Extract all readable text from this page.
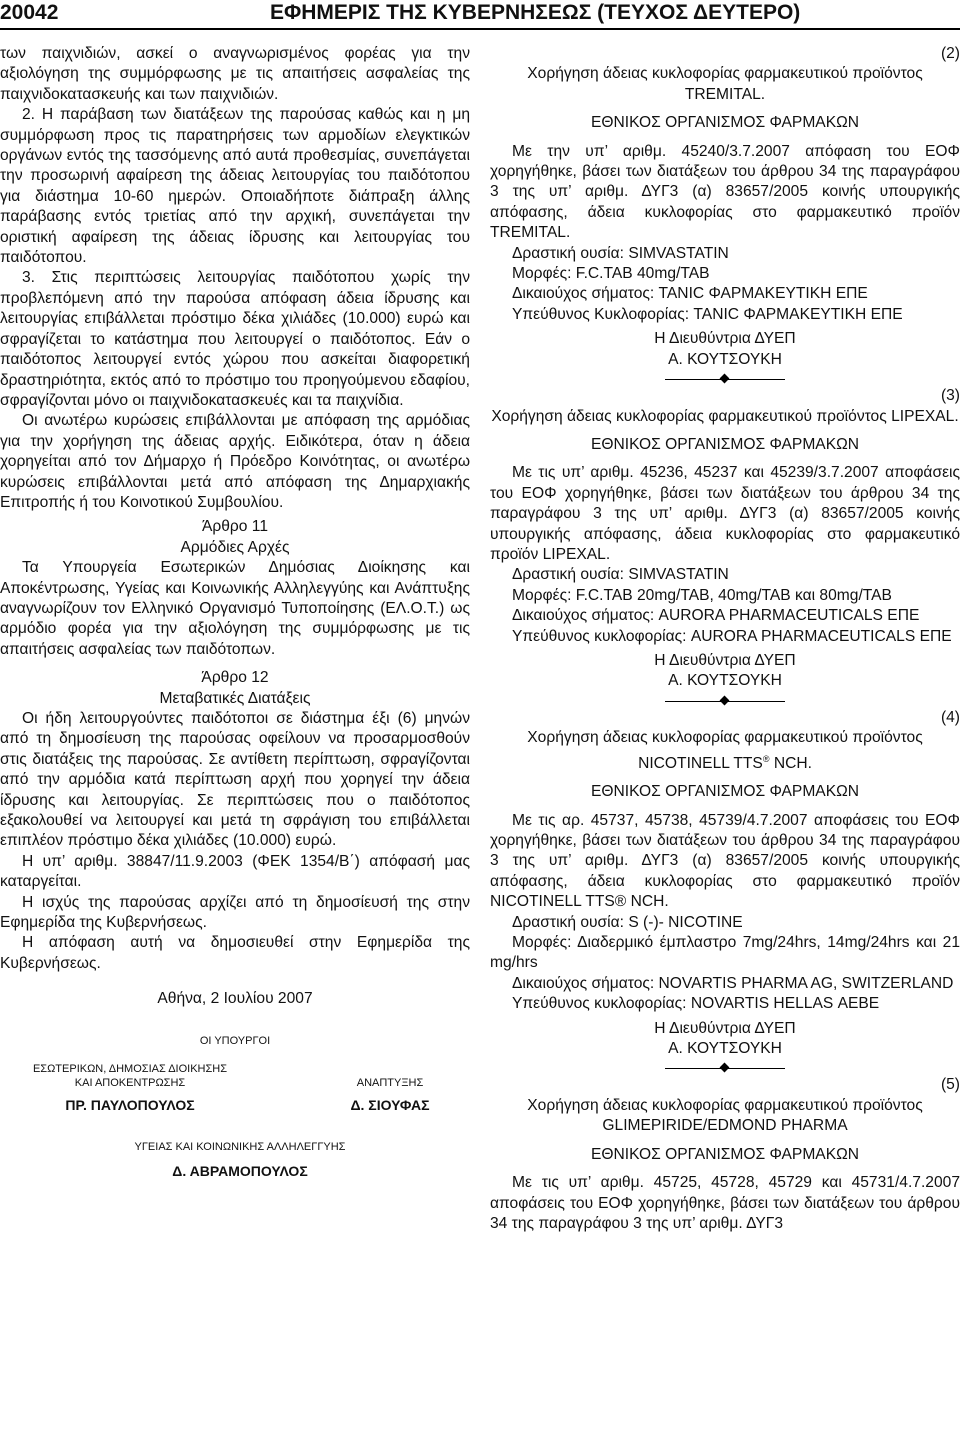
20042	ΕΦΗΜΕΡΙΣ ΤΗΣ ΚΥΒΕΡΝΗΣΕΩΣ (ΤΕΥΧΟΣ ΔΕΥΤΕΡΟ)

των παιχνιδιών, ασκεί ο αναγνωρισμένος φορέας για την αξιολόγηση της συμμόρφωσης με τις απαιτήσεις ασφαλείας της παιχνιδοκατασκευής και των παιχνιδιών.

2. Η παράβαση των διατάξεων της παρούσας καθώς και η μη συμμόρφωση προς τις παρατηρήσεις των αρμοδίων ελεγκτικών οργάνων εντός της τασσόμενης από αυτά προθεσμίας, συνεπάγεται την προσωρινή αφαίρεση της άδειας λειτουργίας του παιδότοπου για διάστημα 10-60 ημερών. Οποιαδήποτε διάπραξη άλλης παράβασης εντός τριετίας από την αρχική, συνεπάγεται την οριστική αφαίρεση της άδειας ίδρυσης και λειτουργίας του παιδότοπου.

3. Στις περιπτώσεις λειτουργίας παιδότοπου χωρίς την προβλεπόμενη από την παρούσα απόφαση άδεια ίδρυσης και λειτουργίας επιβάλλεται πρόστιμο δέκα χιλιάδες (10.000) ευρώ και σφραγίζεται το κατάστημα που λειτουργεί ο παιδότοπος. Εάν ο παιδότοπος λειτουργεί εντός χώρου που ασκείται διαφορετική δραστηριότητα, εκτός από το πρόστιμο του προηγούμενου εδαφίου, σφραγίζονται μόνο οι παιχνιδοκατασκευές και τα παιχνίδια.

Οι ανωτέρω κυρώσεις επιβάλλονται με απόφαση της αρμόδιας για την χορήγηση της άδειας αρχής. Ειδικότερα, όταν η άδεια χορηγείται από τον Δήμαρχο ή Πρόεδρο Κοινότητας, οι ανωτέρω κυρώσεις επιβάλλονται μετά από απόφαση της Δημαρχιακής Επιτροπής ή του Κοινοτικού Συμβουλίου.

Άρθρο 11

Αρμόδιες Αρχές

Τα Υπουργεία Εσωτερικών Δημόσιας Διοίκησης και Αποκέντρωσης, Υγείας και Κοινωνικής Αλληλεγγύης και Ανάπτυξης αναγνωρίζουν τον Ελληνικό Οργανισμό Τυποποίησης (ΕΛ.Ο.Τ.) ως αρμόδιο φορέα για την αξιολόγηση της συμμόρφωσης με τις απαιτήσεις ασφαλείας των παιδότοπων.

Άρθρο 12

Μεταβατικές Διατάξεις

Οι ήδη λειτουργούντες παιδότοποι σε διάστημα έξι (6) μηνών από τη δημοσίευση της παρούσας οφείλουν να προσαρμοσθούν στις διατάξεις της παρούσας. Σε αντίθετη περίπτωση, σφραγίζονται από την αρμόδια κατά περίπτωση αρχή που χορηγεί την άδεια ίδρυσης και λειτουργίας. Σε περιπτώσεις που ο παιδότοπος εξακολουθεί να λειτουργεί και μετά τη σφράγιση του επιβάλλεται επιπλέον πρόστιμο δέκα χιλιάδες (10.000) ευρώ.

Η υπ’ αριθμ. 38847/11.9.2003 (ΦΕΚ 1354/Β΄) απόφασή μας καταργείται.

Η ισχύς της παρούσας αρχίζει από τη δημοσίευσή της στην Εφημερίδα της Κυβερνήσεως.

Η απόφαση αυτή να δημοσιευθεί στην Εφημερίδα της Κυβερνήσεως.

Αθήνα, 2 Ιουλίου 2007
ΟΙ ΥΠΟΥΡΓΟΙ
ΕΣΩΤΕΡΙΚΩΝ, ΔΗΜΟΣΙΑΣ ΔΙΟΙΚΗΣΗΣ
ΚΑΙ ΑΠΟΚΕΝΤΡΩΣΗΣ	ΑΝΑΠΤΥΞΗΣ
ΠΡ. ΠΑΥΛΟΠΟΥΛΟΣ	Δ. ΣΙΟΥΦΑΣ
ΥΓΕΙΑΣ ΚΑΙ ΚΟΙΝΩΝΙΚΗΣ ΑΛΛΗΛΕΓΓΥΗΣ
Δ. ΑΒΡΑΜΟΠΟΥΛΟΣ

(2)

Χορήγηση άδειας κυκλοφορίας φαρμακευτικού προϊόντος TREMITAL.

ΕΘΝΙΚΟΣ ΟΡΓΑΝΙΣΜΟΣ ΦΑΡΜΑΚΩΝ

Με την υπ’ αριθμ. 45240/3.7.2007 απόφαση του ΕΟΦ χορηγήθηκε, βάσει των διατάξεων του άρθρου 34 της παραγράφου 3 της υπ’ αριθμ. ΔΥΓ3 (α) 83657/2005 κοινής υπουργικής απόφασης, άδεια κυκλοφορίας στο φαρμακευτικό προϊόν TREMITAL.

Δραστική ουσία: SIMVASTATIN

Μορφές: F.C.TAB 40mg/TAB

Δικαιούχος σήματος: TANIC ΦΑΡΜΑΚΕΥΤΙΚΗ ΕΠΕ

Υπεύθυνος Κυκλοφορίας: TANIC ΦΑΡΜΑΚΕΥΤΙΚΗ ΕΠΕ

Η Διευθύντρια ΔΥΕΠ

Α. ΚΟΥΤΣΟΥΚΗ

(3)

Χορήγηση άδειας κυκλοφορίας φαρμακευτικού προϊόντος LIPEXAL.

ΕΘΝΙΚΟΣ ΟΡΓΑΝΙΣΜΟΣ ΦΑΡΜΑΚΩΝ

Με τις υπ’ αριθμ. 45236, 45237 και 45239/3.7.2007 αποφάσεις του ΕΟΦ χορηγήθηκε, βάσει των διατάξεων του άρθρου 34 της παραγράφου 3 της υπ’ αριθμ. ΔΥΓ3 (α) 83657/2005 κοινής υπουργικής απόφασης, άδεια κυκλοφορίας στο φαρμακευτικό προϊόν LIPEXAL.

Δραστική ουσία: SIMVASTATIN

Μορφές: F.C.TAB 20mg/TAB, 40mg/TAB και 80mg/TAB

Δικαιούχος σήματος: AURORA PHARMACEUTICALS ΕΠΕ

Υπεύθυνος κυκλοφορίας: AURORA PHARMACEUTICALS ΕΠΕ

Η Διευθύντρια ΔΥΕΠ

Α. ΚΟΥΤΣΟΥΚΗ

(4)

Χορήγηση άδειας κυκλοφορίας φαρμακευτικού προϊόντος NICOTINELL TTS® NCH.

ΕΘΝΙΚΟΣ ΟΡΓΑΝΙΣΜΟΣ ΦΑΡΜΑΚΩΝ

Με τις αρ. 45737, 45738, 45739/4.7.2007 αποφάσεις του ΕΟΦ χορηγήθηκε, βάσει των διατάξεων του άρθρου 34 της παραγράφου 3 της υπ’ αριθμ. ΔΥΓ3 (α) 83657/2005 κοινής υπουργικής απόφασης, άδεια κυκλοφορίας στο φαρμακευτικό προϊόν NICOTINELL TTS® NCH.

Δραστική ουσία: S (-)- NICOTINE

Μορφές: Διαδερμικό έμπλαστρο 7mg/24hrs, 14mg/24hrs και 21 mg/hrs

Δικαιούχος σήματος: NOVARTIS PHARMA AG, SWITZERLAND

Υπεύθυνος κυκλοφορίας: NOVARTIS HELLAS ΑΕΒΕ

Η Διευθύντρια ΔΥΕΠ

Α. ΚΟΥΤΣΟΥΚΗ

(5)

Χορήγηση άδειας κυκλοφορίας φαρμακευτικού προϊόντος GLIMEPIRIDE/EDMOND PHARMA

ΕΘΝΙΚΟΣ ΟΡΓΑΝΙΣΜΟΣ ΦΑΡΜΑΚΩΝ

Με τις υπ’ αριθμ. 45725, 45728, 45729 και 45731/4.7.2007 αποφάσεις του ΕΟΦ χορηγήθηκε, βάσει των διατάξεων του άρθρου 34 της παραγράφου 3 της υπ’ αριθμ. ΔΥΓ3
